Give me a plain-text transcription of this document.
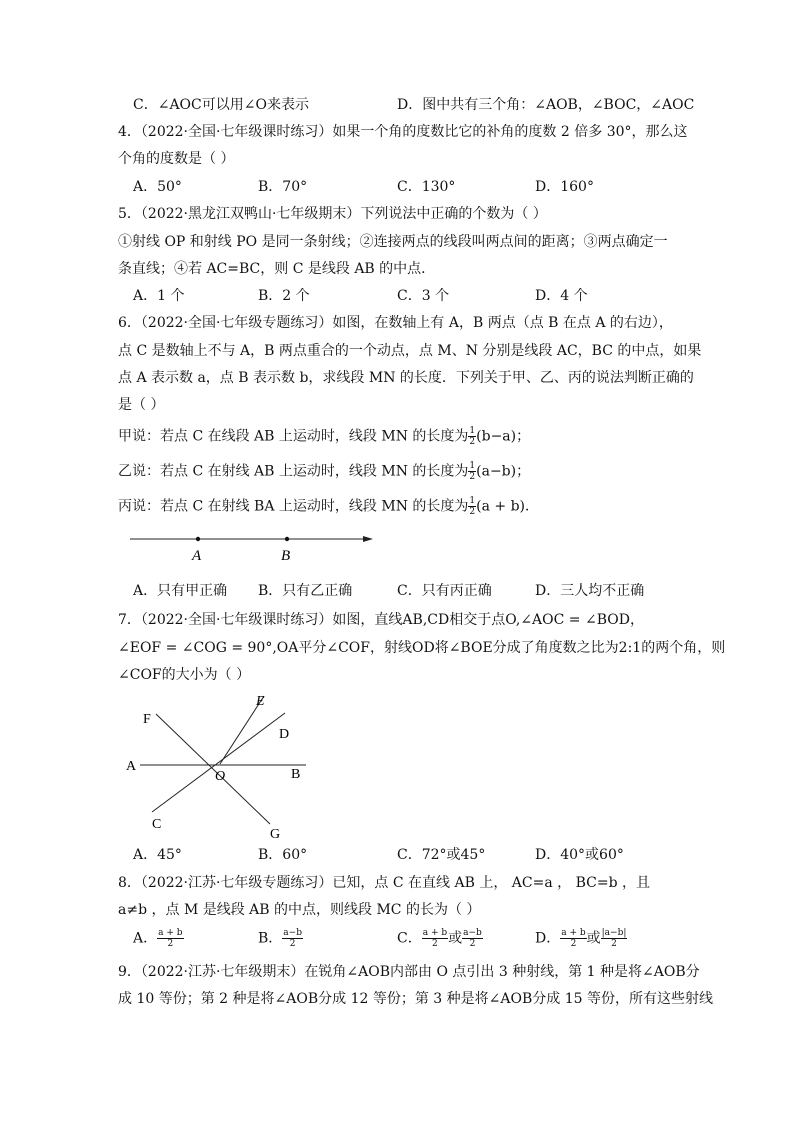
C．∠AOC可以用∠O来表示	D．图中共有三个角：∠AOB，∠BOC，∠AOC
4．（2022·全国·七年级课时练习）如果一个角的度数比它的补角的度数 2 倍多 30°，那么这
个角的度数是（ ）
A．50°	B．70°	C．130°	D．160°
5．（2022·黑龙江双鸭山·七年级期末）下列说法中正确的个数为（ ）
①射线 OP 和射线 PO 是同一条射线；②连接两点的线段叫两点间的距离；③两点确定一
条直线；④若 AC=BC，则 C 是线段 AB 的中点．
A．1 个	B．2 个	C．3 个	D．4 个
6．（2022·全国·七年级专题练习）如图，在数轴上有 A，B 两点（点 B 在点 A 的右边），
点 C 是数轴上不与 A，B 两点重合的一个动点，点 M、N 分别是线段 AC，BC 的中点，如果
点 A 表示数 a，点 B 表示数 b，求线段 MN 的长度．下列关于甲、乙、丙的说法判断正确的
是（ ）
甲说：若点 C 在线段 AB 上运动时，线段 MN 的长度为 $\frac{1}{2} (b-a)$；
乙说：若点 C 在射线 AB 上运动时，线段 MN 的长度为 $\frac{1}{2} (a-b)$；
丙说：若点 C 在射线 BA 上运动时，线段 MN 的长度为 $\frac{1}{2} (a + b)$．
A	B
A．只有甲正确 B．只有乙正确	C．只有丙正确	D．三人均不正确
7．（2022·全国·七年级课时练习）如图，直线AB,CD相交于点O,∠AOC = ∠BOD，
∠EOF = ∠COG = 90°,OA平分∠COF，射线OD将∠BOE分成了角度数之比为2:1的两个角，则
∠COF的大小为（ ）
A
B
C
D
E
F
G
O
A．45°	B．60°	C．72°或45°	D．40°或60°
8．（2022·江苏·七年级专题练习）已知，点 C 在直线 AB 上， AC=a ， BC=b ，且
a≠b ，点 M 是线段 AB 的中点，则线段 MC 的长为（ ）
A． $\frac{a + b}{2}$	B． $\frac{a-b}{2}$	C． $\frac{a + b}{2}$ 或 $\frac{a-b}{2}$	D． $\frac{a + b}{2}$ 或 $\frac{|a-b|}{2}$
9．（2022·江苏·七年级期末）在锐角∠AOB内部由 O 点引出 3 种射线，第 1 种是将∠AOB分
成 10 等份；第 2 种是将∠AOB分成 12 等份；第 3 种是将∠AOB分成 15 等份，所有这些射线
